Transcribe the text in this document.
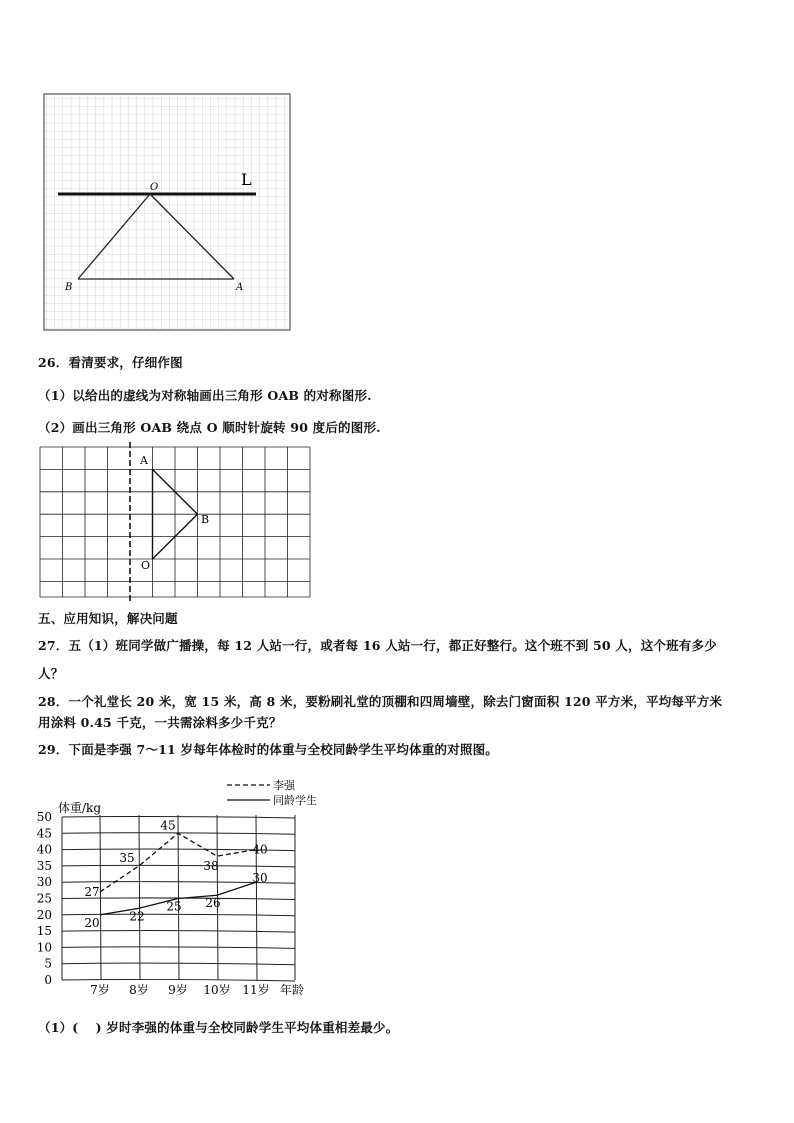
O
A
B
L
26．看清要求，仔细作图
（1）以给出的虚线为对称轴画出三角形 OAB 的对称图形.
（2）画出三角形 OAB 绕点 O 顺时针旋转 90 度后的图形.
A
B
O
五、应用知识，解决问题
27．五（1）班同学做广播操，每 12 人站一行，或者每 16 人站一行，都正好整行。这个班不到 50 人，这个班有多少
人？
28．一个礼堂长 20 米，宽 15 米，高 8 米，要粉刷礼堂的顶棚和四周墙壁，除去门窗面积 120 平方米，平均每平方米
用涂料 0.45 千克，一共需涂料多少千克？
29．下面是李强 7～11 岁每年体检时的体重与全校同龄学生平均体重的对照图。
0
5
10
15
20
25
30
35
40
45
50
7岁 8岁 9岁 10岁 11岁
27
35
45
38
40
20 22
25 26
30
体重/kg
年龄
李强
同龄学生
（1）(　 ) 岁时李强的体重与全校同龄学生平均体重相差最少。
